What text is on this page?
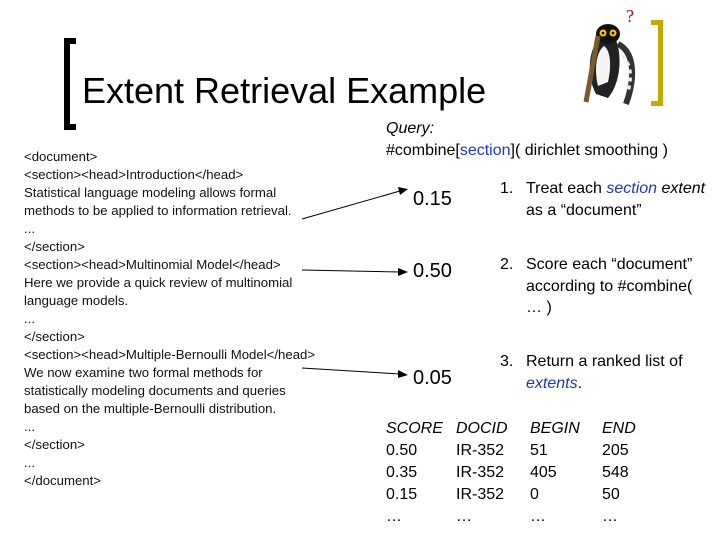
Extent Retrieval Example
?
<document>
<section><head>Introduction</head>
Statistical language modeling allows formal
methods to be applied to information retrieval.
...
</section>
<section><head>Multinomial Model</head>
Here we provide a quick review of multinomial
language models.
...
</section>
<section><head>Multiple-Bernoulli Model</head>
We now examine two formal methods for
statistically modeling documents and queries
based on the multiple-Bernoulli distribution.
...
</section>
...
</document>
Query:
#combine[section]( dirichlet smoothing )
0.15
0.50
0.05
1. Treat each section extent as a “document”
2. Score each “document” according to #combine( … )
3. Return a ranked list of extents.
SCORE	DOCID	BEGIN	END
0.50	IR-352	51	205
0.35	IR-352	405	548
0.15	IR-352	0	50
…	…	…	…
